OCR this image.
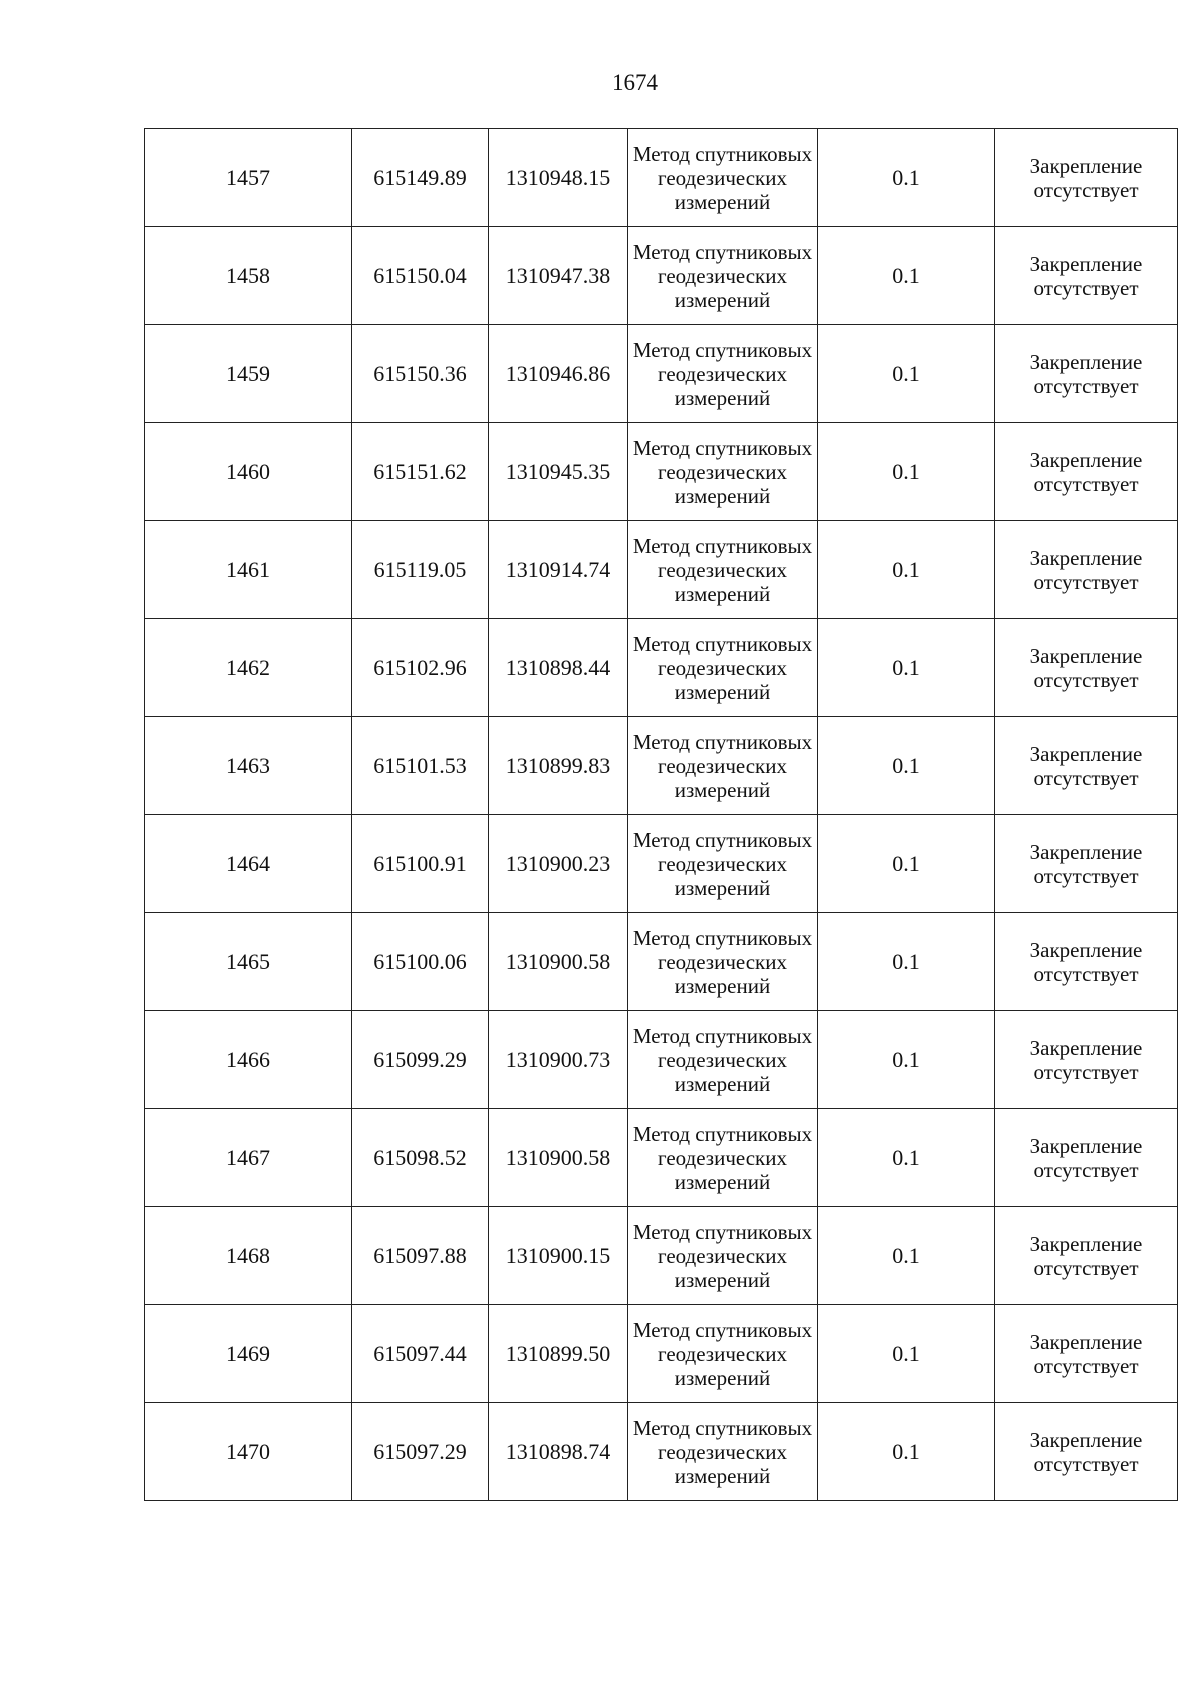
1674
1457	615149.89	1310948.15	Метод спутниковых геодезических измерений	0.1	Закрепление отсутствует
1458	615150.04	1310947.38	Метод спутниковых геодезических измерений	0.1	Закрепление отсутствует
1459	615150.36	1310946.86	Метод спутниковых геодезических измерений	0.1	Закрепление отсутствует
1460	615151.62	1310945.35	Метод спутниковых геодезических измерений	0.1	Закрепление отсутствует
1461	615119.05	1310914.74	Метод спутниковых геодезических измерений	0.1	Закрепление отсутствует
1462	615102.96	1310898.44	Метод спутниковых геодезических измерений	0.1	Закрепление отсутствует
1463	615101.53	1310899.83	Метод спутниковых геодезических измерений	0.1	Закрепление отсутствует
1464	615100.91	1310900.23	Метод спутниковых геодезических измерений	0.1	Закрепление отсутствует
1465	615100.06	1310900.58	Метод спутниковых геодезических измерений	0.1	Закрепление отсутствует
1466	615099.29	1310900.73	Метод спутниковых геодезических измерений	0.1	Закрепление отсутствует
1467	615098.52	1310900.58	Метод спутниковых геодезических измерений	0.1	Закрепление отсутствует
1468	615097.88	1310900.15	Метод спутниковых геодезических измерений	0.1	Закрепление отсутствует
1469	615097.44	1310899.50	Метод спутниковых геодезических измерений	0.1	Закрепление отсутствует
1470	615097.29	1310898.74	Метод спутниковых геодезических измерений	0.1	Закрепление отсутствует
